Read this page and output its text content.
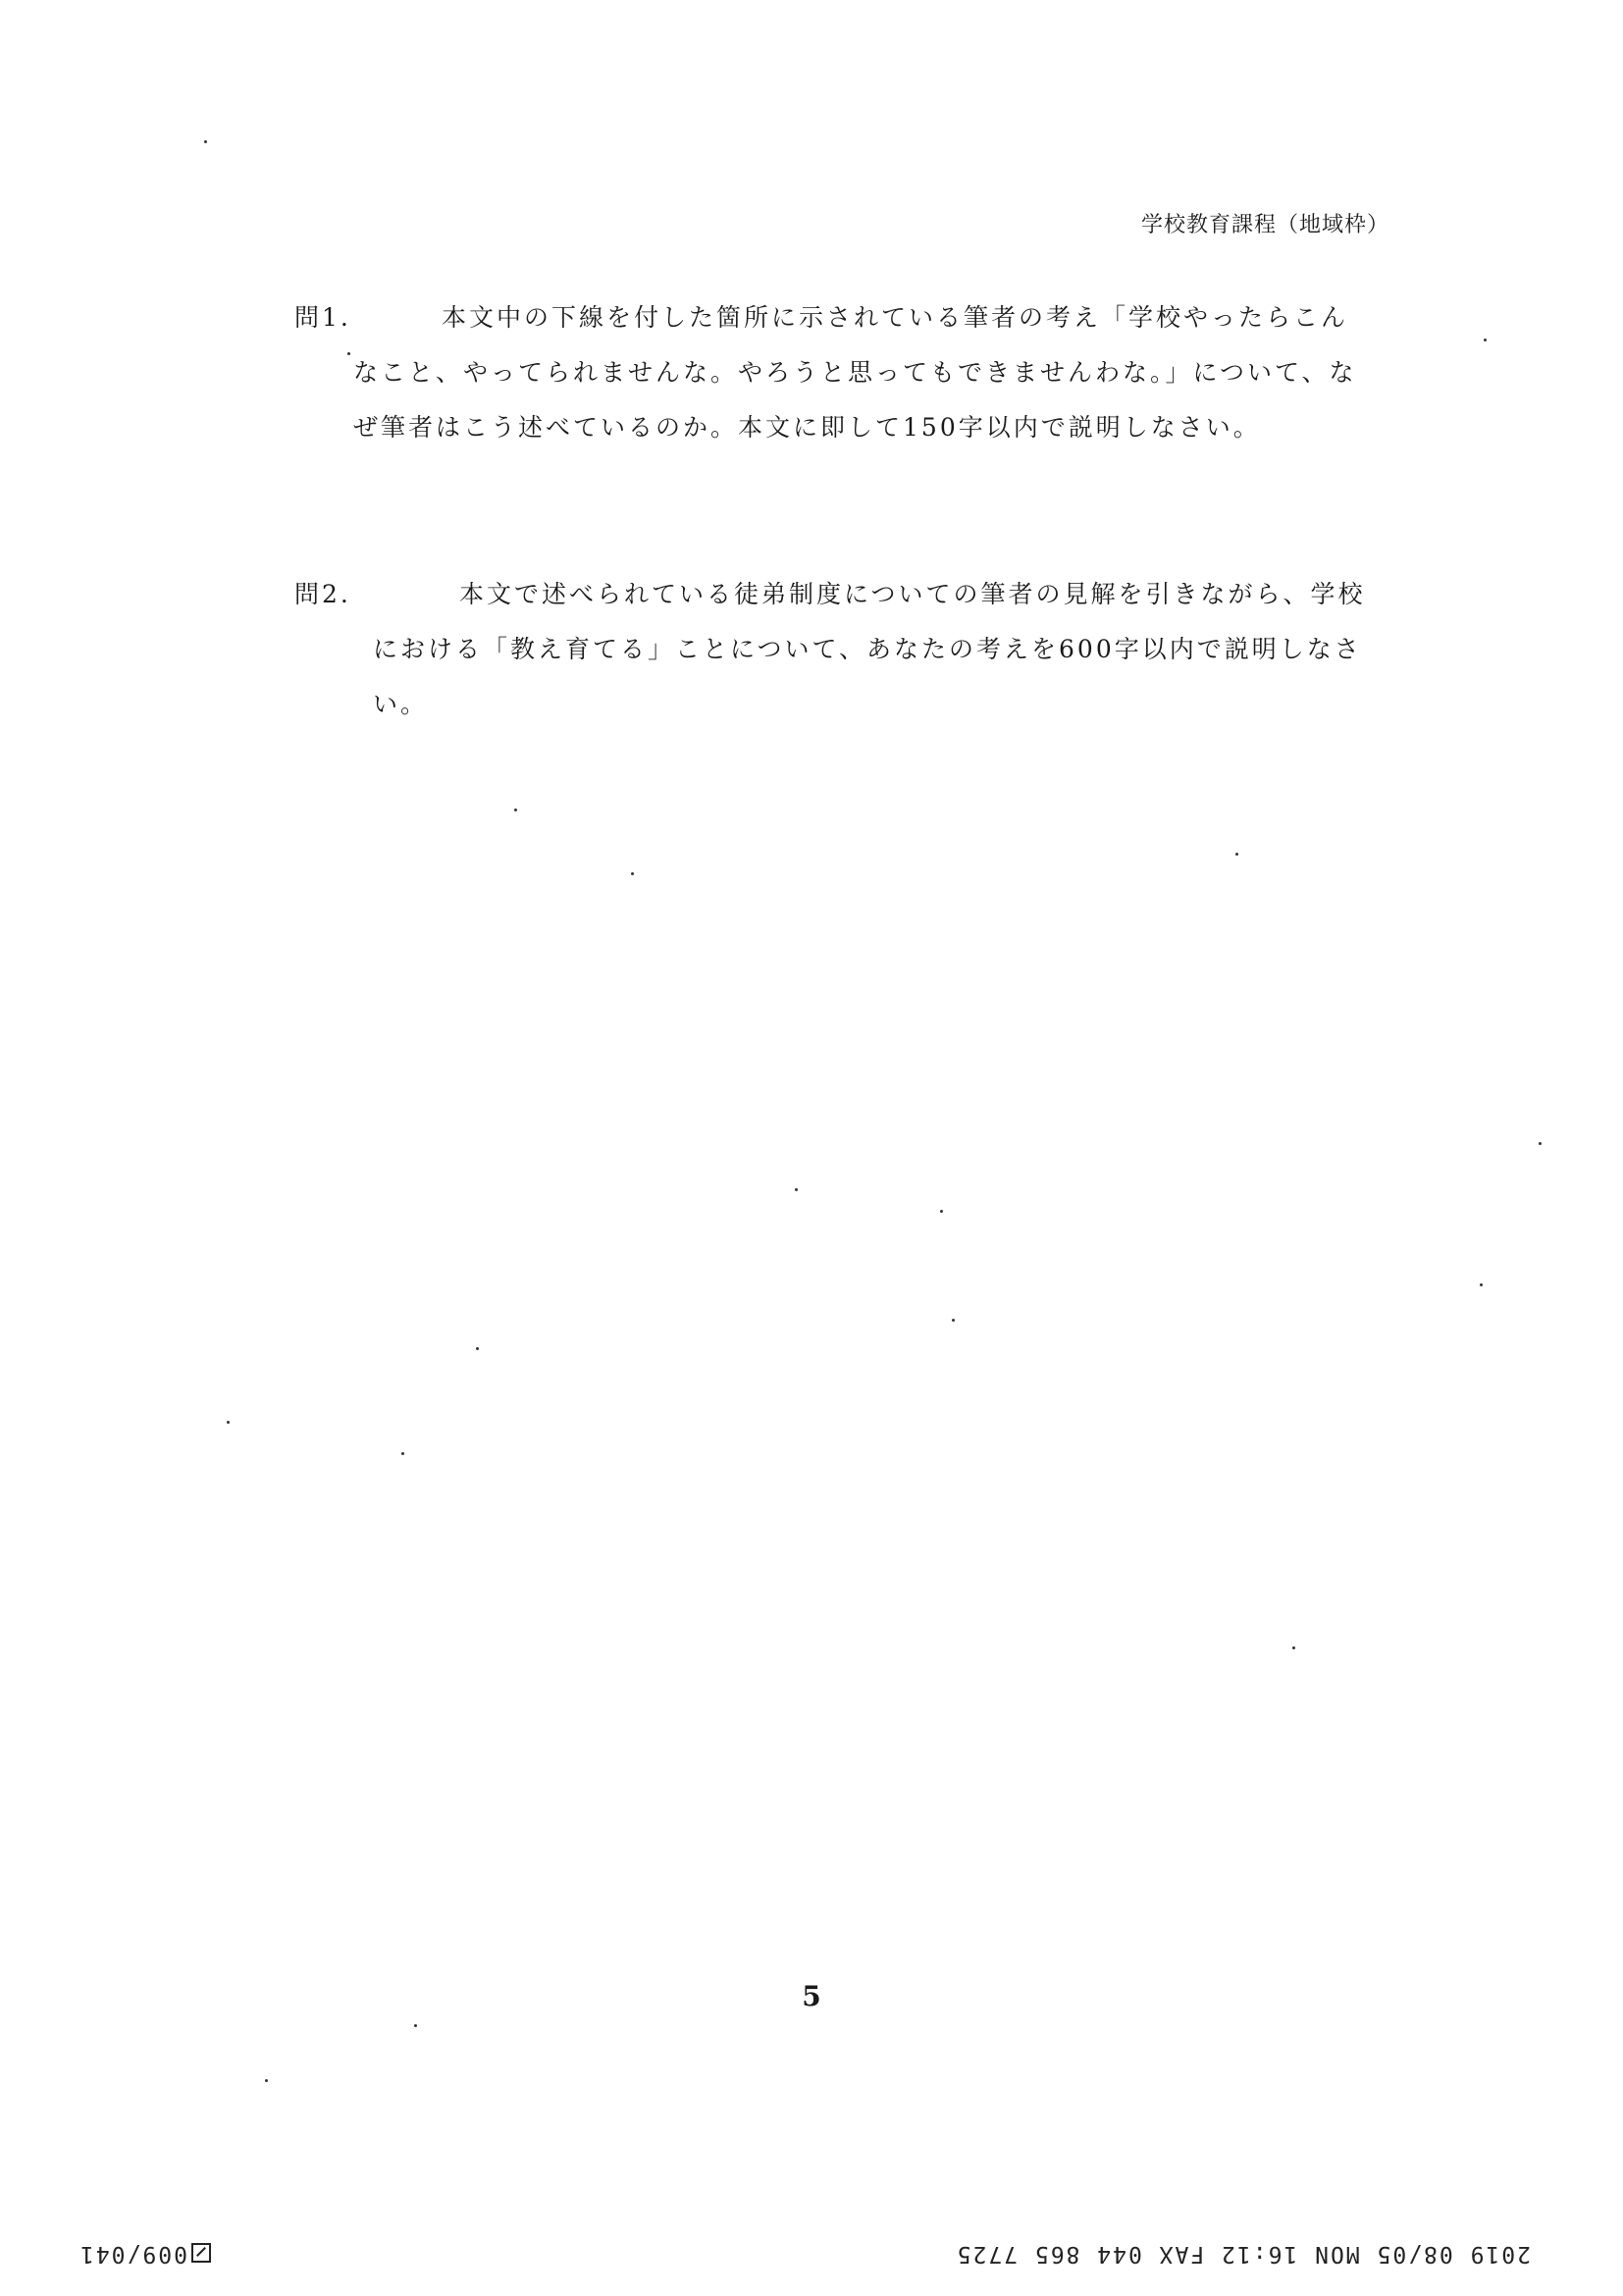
学校教育課程（地域枠）
問1.	本文中の下線を付した箇所に示されている筆者の考え「学校やったらこんなこと、やってられませんな。やろうと思ってもできませんわな。」について、なぜ筆者はこう述べているのか。本文に即して150字以内で説明しなさい。
問2.	本文で述べられている徒弟制度についての筆者の見解を引きながら、学校における「教え育てる」ことについて、あなたの考えを600字以内で説明しなさい。
5
2019 08/05 MON 16:12 FAX 044 865 7725
009/041
